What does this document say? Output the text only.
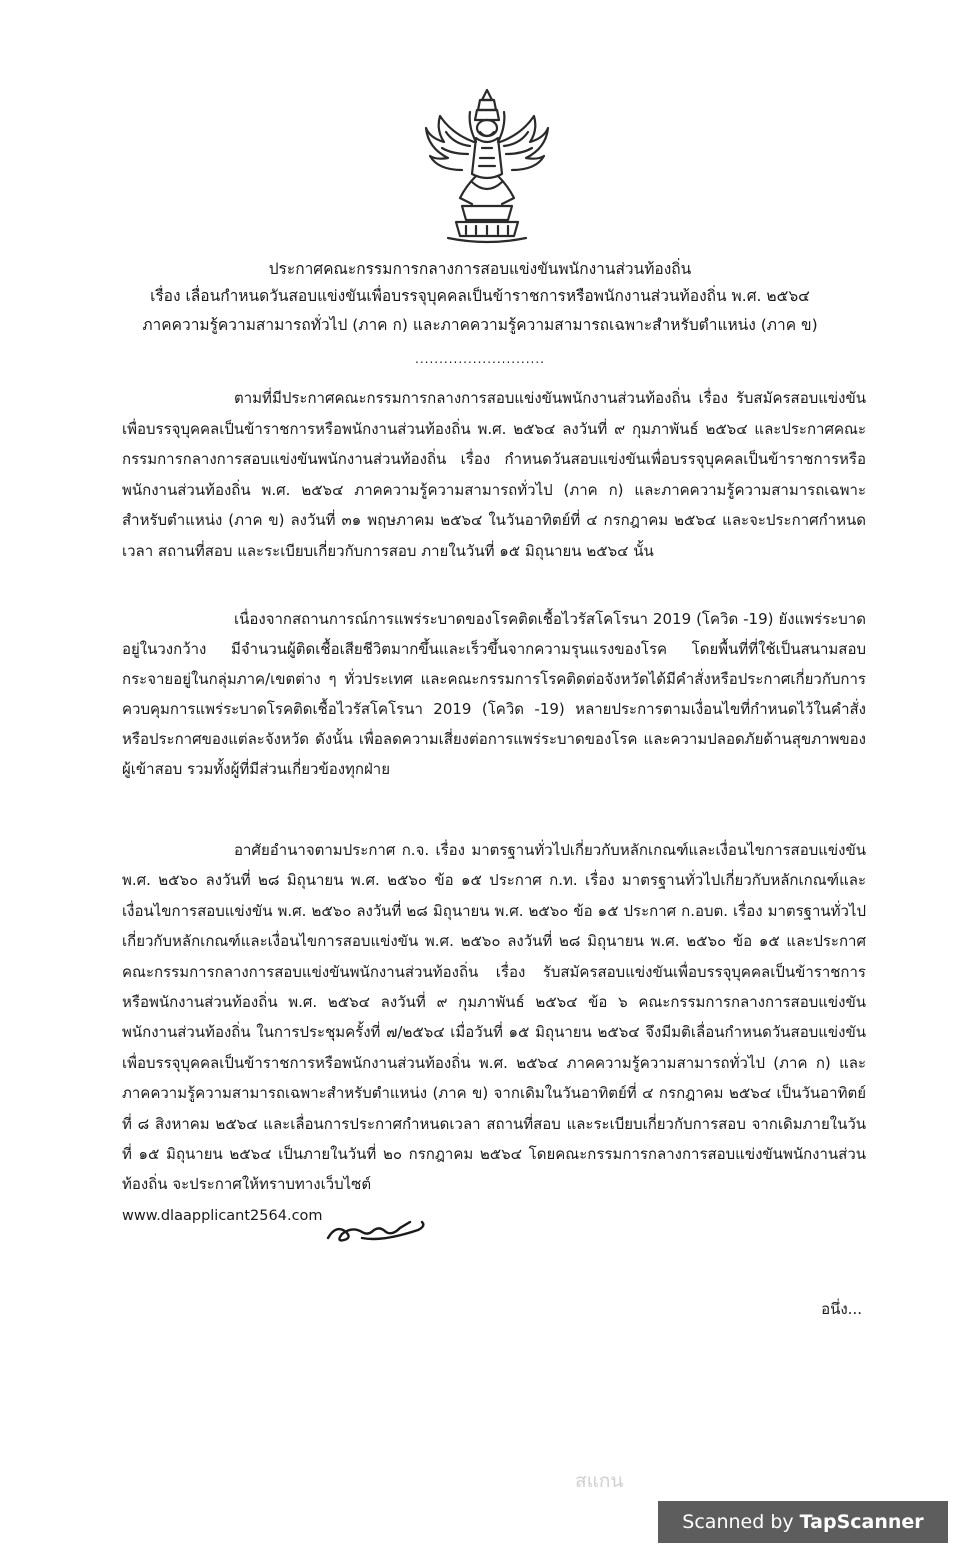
ประกาศคณะกรรมการกลางการสอบแข่งขันพนักงานส่วนท้องถิ่น
เรื่อง เลื่อนกำหนดวันสอบแข่งขันเพื่อบรรจุบุคคลเป็นข้าราชการหรือพนักงานส่วนท้องถิ่น พ.ศ. ๒๕๖๔
ภาคความรู้ความสามารถทั่วไป (ภาค ก) และภาคความรู้ความสามารถเฉพาะสำหรับตำแหน่ง (ภาค ข)
...........................
ตามที่มีประกาศคณะกรรมการกลางการสอบแข่งขันพนักงานส่วนท้องถิ่น เรื่อง รับสมัครสอบแข่งขันเพื่อบรรจุบุคคลเป็นข้าราชการหรือพนักงานส่วนท้องถิ่น พ.ศ. ๒๕๖๔ ลงวันที่ ๙ กุมภาพันธ์ ๒๕๖๔ และประกาศคณะกรรมการกลางการสอบแข่งขันพนักงานส่วนท้องถิ่น เรื่อง กำหนดวันสอบแข่งขันเพื่อบรรจุบุคคลเป็นข้าราชการหรือพนักงานส่วนท้องถิ่น พ.ศ. ๒๕๖๔ ภาคความรู้ความสามารถทั่วไป (ภาค ก) และภาคความรู้ความสามารถเฉพาะสำหรับตำแหน่ง (ภาค ข) ลงวันที่ ๓๑ พฤษภาคม ๒๕๖๔ ในวันอาทิตย์ที่ ๔ กรกฎาคม ๒๕๖๔ และจะประกาศกำหนดเวลา สถานที่สอบ และระเบียบเกี่ยวกับการสอบ ภายในวันที่ ๑๕ มิถุนายน ๒๕๖๔ นั้น
เนื่องจากสถานการณ์การแพร่ระบาดของโรคติดเชื้อไวรัสโคโรนา 2019 (โควิด -19) ยังแพร่ระบาดอยู่ในวงกว้าง มีจำนวนผู้ติดเชื้อเสียชีวิตมากขึ้นและเร็วขึ้นจากความรุนแรงของโรค โดยพื้นที่ที่ใช้เป็นสนามสอบกระจายอยู่ในกลุ่มภาค/เขตต่าง ๆ ทั่วประเทศ และคณะกรรมการโรคติดต่อจังหวัดได้มีคำสั่งหรือประกาศเกี่ยวกับการควบคุมการแพร่ระบาดโรคติดเชื้อไวรัสโคโรนา 2019 (โควิด -19) หลายประการตามเงื่อนไขที่กำหนดไว้ในคำสั่งหรือประกาศของแต่ละจังหวัด ดังนั้น เพื่อลดความเสี่ยงต่อการแพร่ระบาดของโรค และความปลอดภัยด้านสุขภาพของผู้เข้าสอบ รวมทั้งผู้ที่มีส่วนเกี่ยวข้องทุกฝ่าย
อาศัยอำนาจตามประกาศ ก.จ. เรื่อง มาตรฐานทั่วไปเกี่ยวกับหลักเกณฑ์และเงื่อนไขการสอบแข่งขัน พ.ศ. ๒๕๖๐ ลงวันที่ ๒๘ มิถุนายน พ.ศ. ๒๕๖๐ ข้อ ๑๕ ประกาศ ก.ท. เรื่อง มาตรฐานทั่วไปเกี่ยวกับหลักเกณฑ์และเงื่อนไขการสอบแข่งขัน พ.ศ. ๒๕๖๐ ลงวันที่ ๒๘ มิถุนายน พ.ศ. ๒๕๖๐ ข้อ ๑๕ ประกาศ ก.อบต. เรื่อง มาตรฐานทั่วไปเกี่ยวกับหลักเกณฑ์และเงื่อนไขการสอบแข่งขัน พ.ศ. ๒๕๖๐ ลงวันที่ ๒๘ มิถุนายน พ.ศ. ๒๕๖๐ ข้อ ๑๕ และประกาศคณะกรรมการกลางการสอบแข่งขันพนักงานส่วนท้องถิ่น เรื่อง รับสมัครสอบแข่งขันเพื่อบรรจุบุคคลเป็นข้าราชการหรือพนักงานส่วนท้องถิ่น พ.ศ. ๒๕๖๔ ลงวันที่ ๙ กุมภาพันธ์ ๒๕๖๔ ข้อ ๖ คณะกรรมการกลางการสอบแข่งขันพนักงานส่วนท้องถิ่น ในการประชุมครั้งที่ ๗/๒๕๖๔ เมื่อวันที่ ๑๕ มิถุนายน ๒๕๖๔ จึงมีมติเลื่อนกำหนดวันสอบแข่งขันเพื่อบรรจุบุคคลเป็นข้าราชการหรือพนักงานส่วนท้องถิ่น พ.ศ. ๒๕๖๔ ภาคความรู้ความสามารถทั่วไป (ภาค ก) และภาคความรู้ความสามารถเฉพาะสำหรับตำแหน่ง (ภาค ข) จากเดิมในวันอาทิตย์ที่ ๔ กรกฎาคม ๒๕๖๔ เป็นวันอาทิตย์ที่ ๘ สิงหาคม ๒๕๖๔ และเลื่อนการประกาศกำหนดเวลา สถานที่สอบ และระเบียบเกี่ยวกับการสอบ จากเดิมภายในวันที่ ๑๕ มิถุนายน ๒๕๖๔ เป็นภายในวันที่ ๒๐ กรกฎาคม ๒๕๖๔ โดยคณะกรรมการกลางการสอบแข่งขันพนักงานส่วนท้องถิ่น จะประกาศให้ทราบทางเว็บไซต์
www.dlaapplicant2564.com
อนึ่ง...
สแกน
Scanned by TapScanner
